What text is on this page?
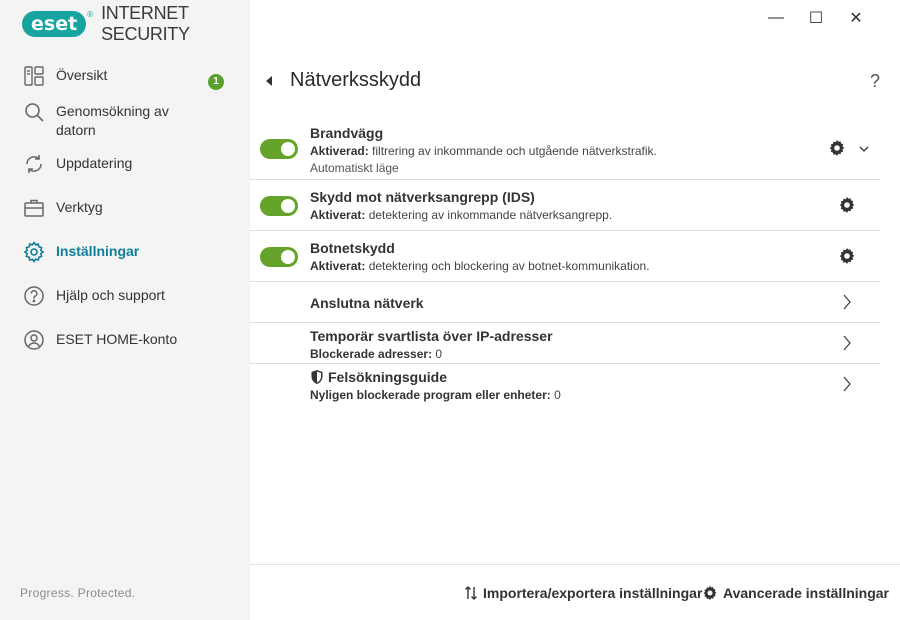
eset	® INTERNET SECURITY
Översikt	1
Genomsökning av datorn
Uppdatering
Verktyg
Inställningar
Hjälp och support
ESET HOME-konto
Progress. Protected.
—	☐	✕
Nätverksskydd	?
Brandvägg
Aktiverad: filtrering av inkommande och utgående nätverkstrafik.
Automatiskt läge
Skydd mot nätverksangrepp (IDS)
Aktiverat: detektering av inkommande nätverksangrepp.
Botnetskydd
Aktiverat: detektering och blockering av botnet-kommunikation.
Anslutna nätverk
Temporär svartlista över IP-adresser
Blockerade adresser: 0
Felsökningsguide
Nyligen blockerade program eller enheter: 0
Importera/exportera inställningar Avancerade inställningar
